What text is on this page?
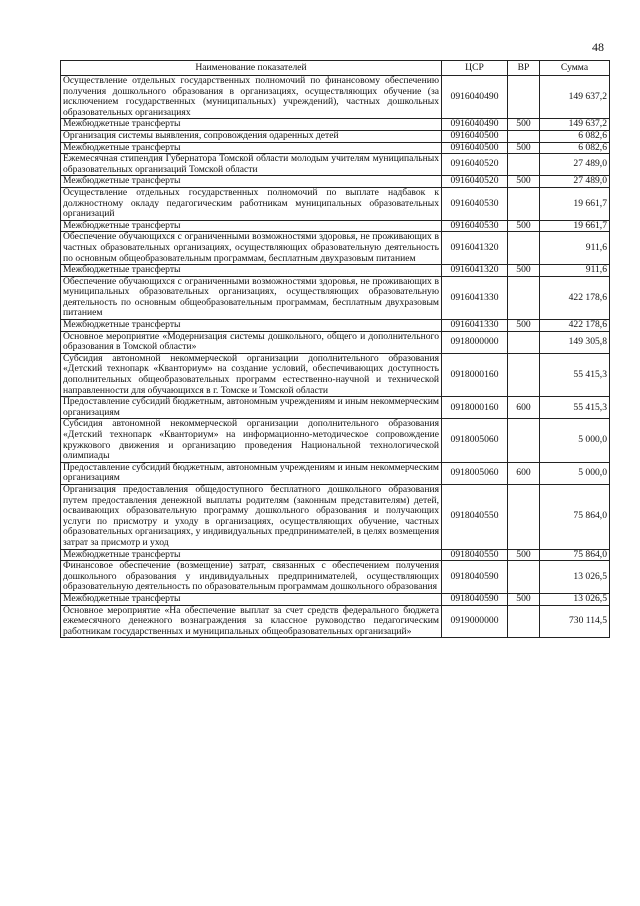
48
Наименование показателей	ЦСР	ВР	Сумма
Осуществление отдельных государственных полномочий по финансовому обеспечению получения дошкольного образования в организациях, осуществляющих обучение (за исключением государственных (муниципальных) учреждений), частных дошкольных образовательных организациях	0916040490		149 637,2
Межбюджетные трансферты	0916040490	500	149 637,2
Организация системы выявления, сопровождения одаренных детей	0916040500		6 082,6
Межбюджетные трансферты	0916040500	500	6 082,6
Ежемесячная стипендия Губернатора Томской области молодым учителям муниципальных образовательных организаций Томской области	0916040520		27 489,0
Межбюджетные трансферты	0916040520	500	27 489,0
Осуществление отдельных государственных полномочий по выплате надбавок к должностному окладу педагогическим работникам муниципальных образовательных организаций	0916040530		19 661,7
Межбюджетные трансферты	0916040530	500	19 661,7
Обеспечение обучающихся с ограниченными возможностями здоровья, не проживающих в частных образовательных организациях, осуществляющих образовательную деятельность по основным общеобразовательным программам, бесплатным двухразовым питанием	0916041320		911,6
Межбюджетные трансферты	0916041320	500	911,6
Обеспечение обучающихся с ограниченными возможностями здоровья, не проживающих в муниципальных образовательных организациях, осуществляющих образовательную деятельность по основным общеобразовательным программам, бесплатным двухразовым питанием	0916041330		422 178,6
Межбюджетные трансферты	0916041330	500	422 178,6
Основное мероприятие «Модернизация системы дошкольного, общего и дополнительного образования в Томской области»	0918000000		149 305,8
Субсидия автономной некоммерческой организации дополнительного образования «Детский технопарк «Кванториум» на создание условий, обеспечивающих доступность дополнительных общеобразовательных программ естественно-научной и технической направленности для обучающихся в г. Томске и Томской области	0918000160		55 415,3
Предоставление субсидий бюджетным, автономным учреждениям и иным некоммерческим организациям	0918000160	600	55 415,3
Субсидия автономной некоммерческой организации дополнительного образования «Детский технопарк «Кванториум» на информационно-методическое сопровождение кружкового движения и организацию проведения Национальной технологической олимпиады	0918005060		5 000,0
Предоставление субсидий бюджетным, автономным учреждениям и иным некоммерческим организациям	0918005060	600	5 000,0
Организация предоставления общедоступного бесплатного дошкольного образования путем предоставления денежной выплаты родителям (законным представителям) детей, осваивающих образовательную программу дошкольного образования и получающих услуги по присмотру и уходу в организациях, осуществляющих обучение, частных образовательных организациях, у индивидуальных предпринимателей, в целях возмещения затрат за присмотр и уход	0918040550		75 864,0
Межбюджетные трансферты	0918040550	500	75 864,0
Финансовое обеспечение (возмещение) затрат, связанных с обеспечением получения дошкольного образования у индивидуальных предпринимателей, осуществляющих образовательную деятельность по образовательным программам дошкольного образования	0918040590		13 026,5
Межбюджетные трансферты	0918040590	500	13 026,5
Основное мероприятие «На обеспечение выплат за счет средств федерального бюджета ежемесячного денежного вознаграждения за классное руководство педагогическим работникам государственных и муниципальных общеобразовательных организаций»	0919000000		730 114,5
